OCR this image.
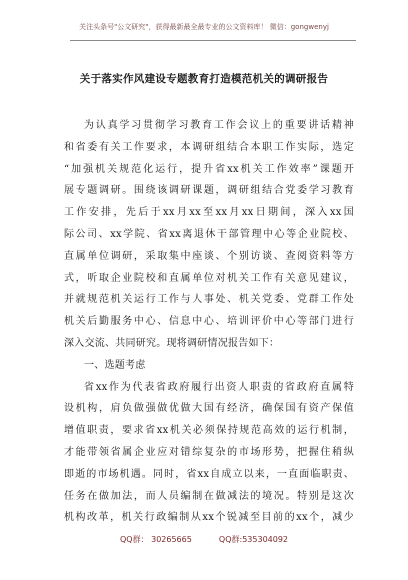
关注头条号"公文研究"，获得最新最全最专业的公文资料库！ 微信：gongwenyj
关于落实作风建设专题教育打造模范机关的调研报告
为认真学习贯彻学习教育工作会议上的重要讲话精神
和省委有关工作要求，本调研组结合本职工作实际，选定
“加强机关规范化运行，提升省xx机关工作效率”课题开
展专题调研。围绕该调研课题，调研组结合党委学习教育
工作安排，先后于xx月xx至xx月xx日期间，深入xx国
际公司、xx学院、省xx离退休干部管理中心等企业院校、
直属单位调研，采取集中座谈、个别访谈、查阅资料等方
式，听取企业院校和直属单位对机关工作有关意见建议，
并就规范机关运行工作与人事处、机关党委、党群工作处
机关后勤服务中心、信息中心、培训评价中心等部门进行
深入交流、共同研究。现将调研情况报告如下：
一、选题考虑
省xx作为代表省政府履行出资人职责的省政府直属特
设机构，肩负做强做优做大国有经济，确保国有资产保值
增值职责，要求省xx机关必须保持规范高效的运行机制，
才能带领省属企业应对错综复杂的市场形势，把握住稍纵
即逝的市场机遇。同时，省xx自成立以来，一直面临职责、
任务在做加法，而人员编制在做减法的境况。特别是这次
机构改革，机关行政编制从xx个锐减至目前的xx个，减少
QQ群： 30265665	QQ群:535304092
